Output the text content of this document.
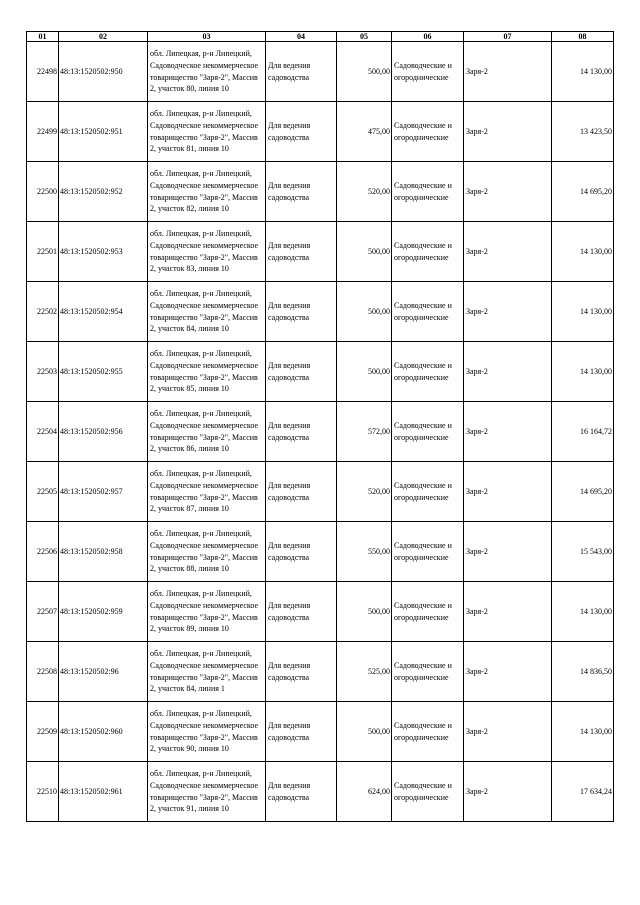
01	02	03	04	05	06	07	08
22498	48:13:1520502:950	обл. Липецкая, р-н Липецкий, Садоводческое некоммерческое товарищество "Заря-2", Массив 2, участок 80, линия 10	Для ведения садоводства	500,00	Садоводческие и огороднические	Заря-2	14 130,00
22499	48:13:1520502:951	обл. Липецкая, р-н Липецкий, Садоводческое некоммерческое товарищество "Заря-2", Массив 2, участок 81, линия 10	Для ведения садоводства	475,00	Садоводческие и огороднические	Заря-2	13 423,50
22500	48:13:1520502:952	обл. Липецкая, р-н Липецкий, Садоводческое некоммерческое товарищество "Заря-2", Массив 2, участок 82, линия 10	Для ведения садоводства	520,00	Садоводческие и огороднические	Заря-2	14 695,20
22501	48:13:1520502:953	обл. Липецкая, р-н Липецкий, Садоводческое некоммерческое товарищество "Заря-2", Массив 2, участок 83, линия 10	Для ведения садоводства	500,00	Садоводческие и огороднические	Заря-2	14 130,00
22502	48:13:1520502:954	обл. Липецкая, р-н Липецкий, Садоводческое некоммерческое товарищество "Заря-2", Массив 2, участок 84, линия 10	Для ведения садоводства	500,00	Садоводческие и огороднические	Заря-2	14 130,00
22503	48:13:1520502:955	обл. Липецкая, р-н Липецкий, Садоводческое некоммерческое товарищество "Заря-2", Массив 2, участок 85, линия 10	Для ведения садоводства	500,00	Садоводческие и огороднические	Заря-2	14 130,00
22504	48:13:1520502:956	обл. Липецкая, р-н Липецкий, Садоводческое некоммерческое товарищество "Заря-2", Массив 2, участок 86, линия 10	Для ведения садоводства	572,00	Садоводческие и огороднические	Заря-2	16 164,72
22505	48:13:1520502:957	обл. Липецкая, р-н Липецкий, Садоводческое некоммерческое товарищество "Заря-2", Массив 2, участок 87, линия 10	Для ведения садоводства	520,00	Садоводческие и огороднические	Заря-2	14 695,20
22506	48:13:1520502:958	обл. Липецкая, р-н Липецкий, Садоводческое некоммерческое товарищество "Заря-2", Массив 2, участок 88, линия 10	Для ведения садоводства	550,00	Садоводческие и огороднические	Заря-2	15 543,00
22507	48:13:1520502:959	обл. Липецкая, р-н Липецкий, Садоводческое некоммерческое товарищество "Заря-2", Массив 2, участок 89, линия 10	Для ведения садоводства	500,00	Садоводческие и огороднические	Заря-2	14 130,00
22508	48:13:1520502:96	обл. Липецкая, р-н Липецкий, Садоводческое некоммерческое товарищество "Заря-2", Массив 2, участок 84, линия 1	Для ведения садоводства	525,00	Садоводческие и огороднические	Заря-2	14 836,50
22509	48:13:1520502:960	обл. Липецкая, р-н Липецкий, Садоводческое некоммерческое товарищество "Заря-2", Массив 2, участок 90, линия 10	Для ведения садоводства	500,00	Садоводческие и огороднические	Заря-2	14 130,00
22510	48:13:1520502:961	обл. Липецкая, р-н Липецкий, Садоводческое некоммерческое товарищество "Заря-2", Массив 2, участок 91, линия 10	Для ведения садоводства	624,00	Садоводческие и огороднические	Заря-2	17 634,24
